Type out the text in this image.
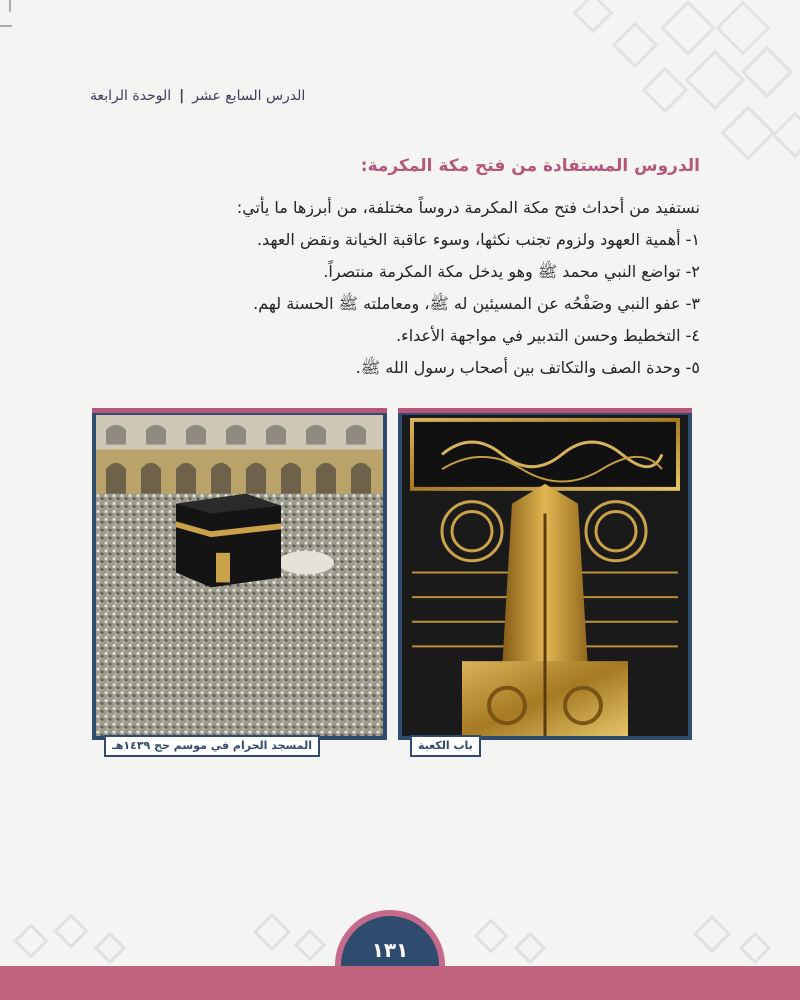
الوحدة الرابعة | الدرس السابع عشر
الدروس المستفادة من فتح مكة المكرمة:

نستفيد من أحداث فتح مكة المكرمة دروساً مختلفة، من أبرزها ما يأتي:

١- أهمية العهود ولزوم تجنب نكثها، وسوء عاقبة الخيانة ونقض العهد.

٢- تواضع النبي محمد ﷺ وهو يدخل مكة المكرمة منتصراً.

٣- عفو النبي وصَفْحُه عن المسيئين له ﷺ، ومعاملته ﷺ الحسنة لهم.

٤- التخطيط وحسن التدبير في مواجهة الأعداء.

٥- وحدة الصف والتكاتف بين أصحاب رسول الله ﷺ.

باب الكعبة
المسجد الحرام في موسم حج ١٤٣٩هـ
١٣١
